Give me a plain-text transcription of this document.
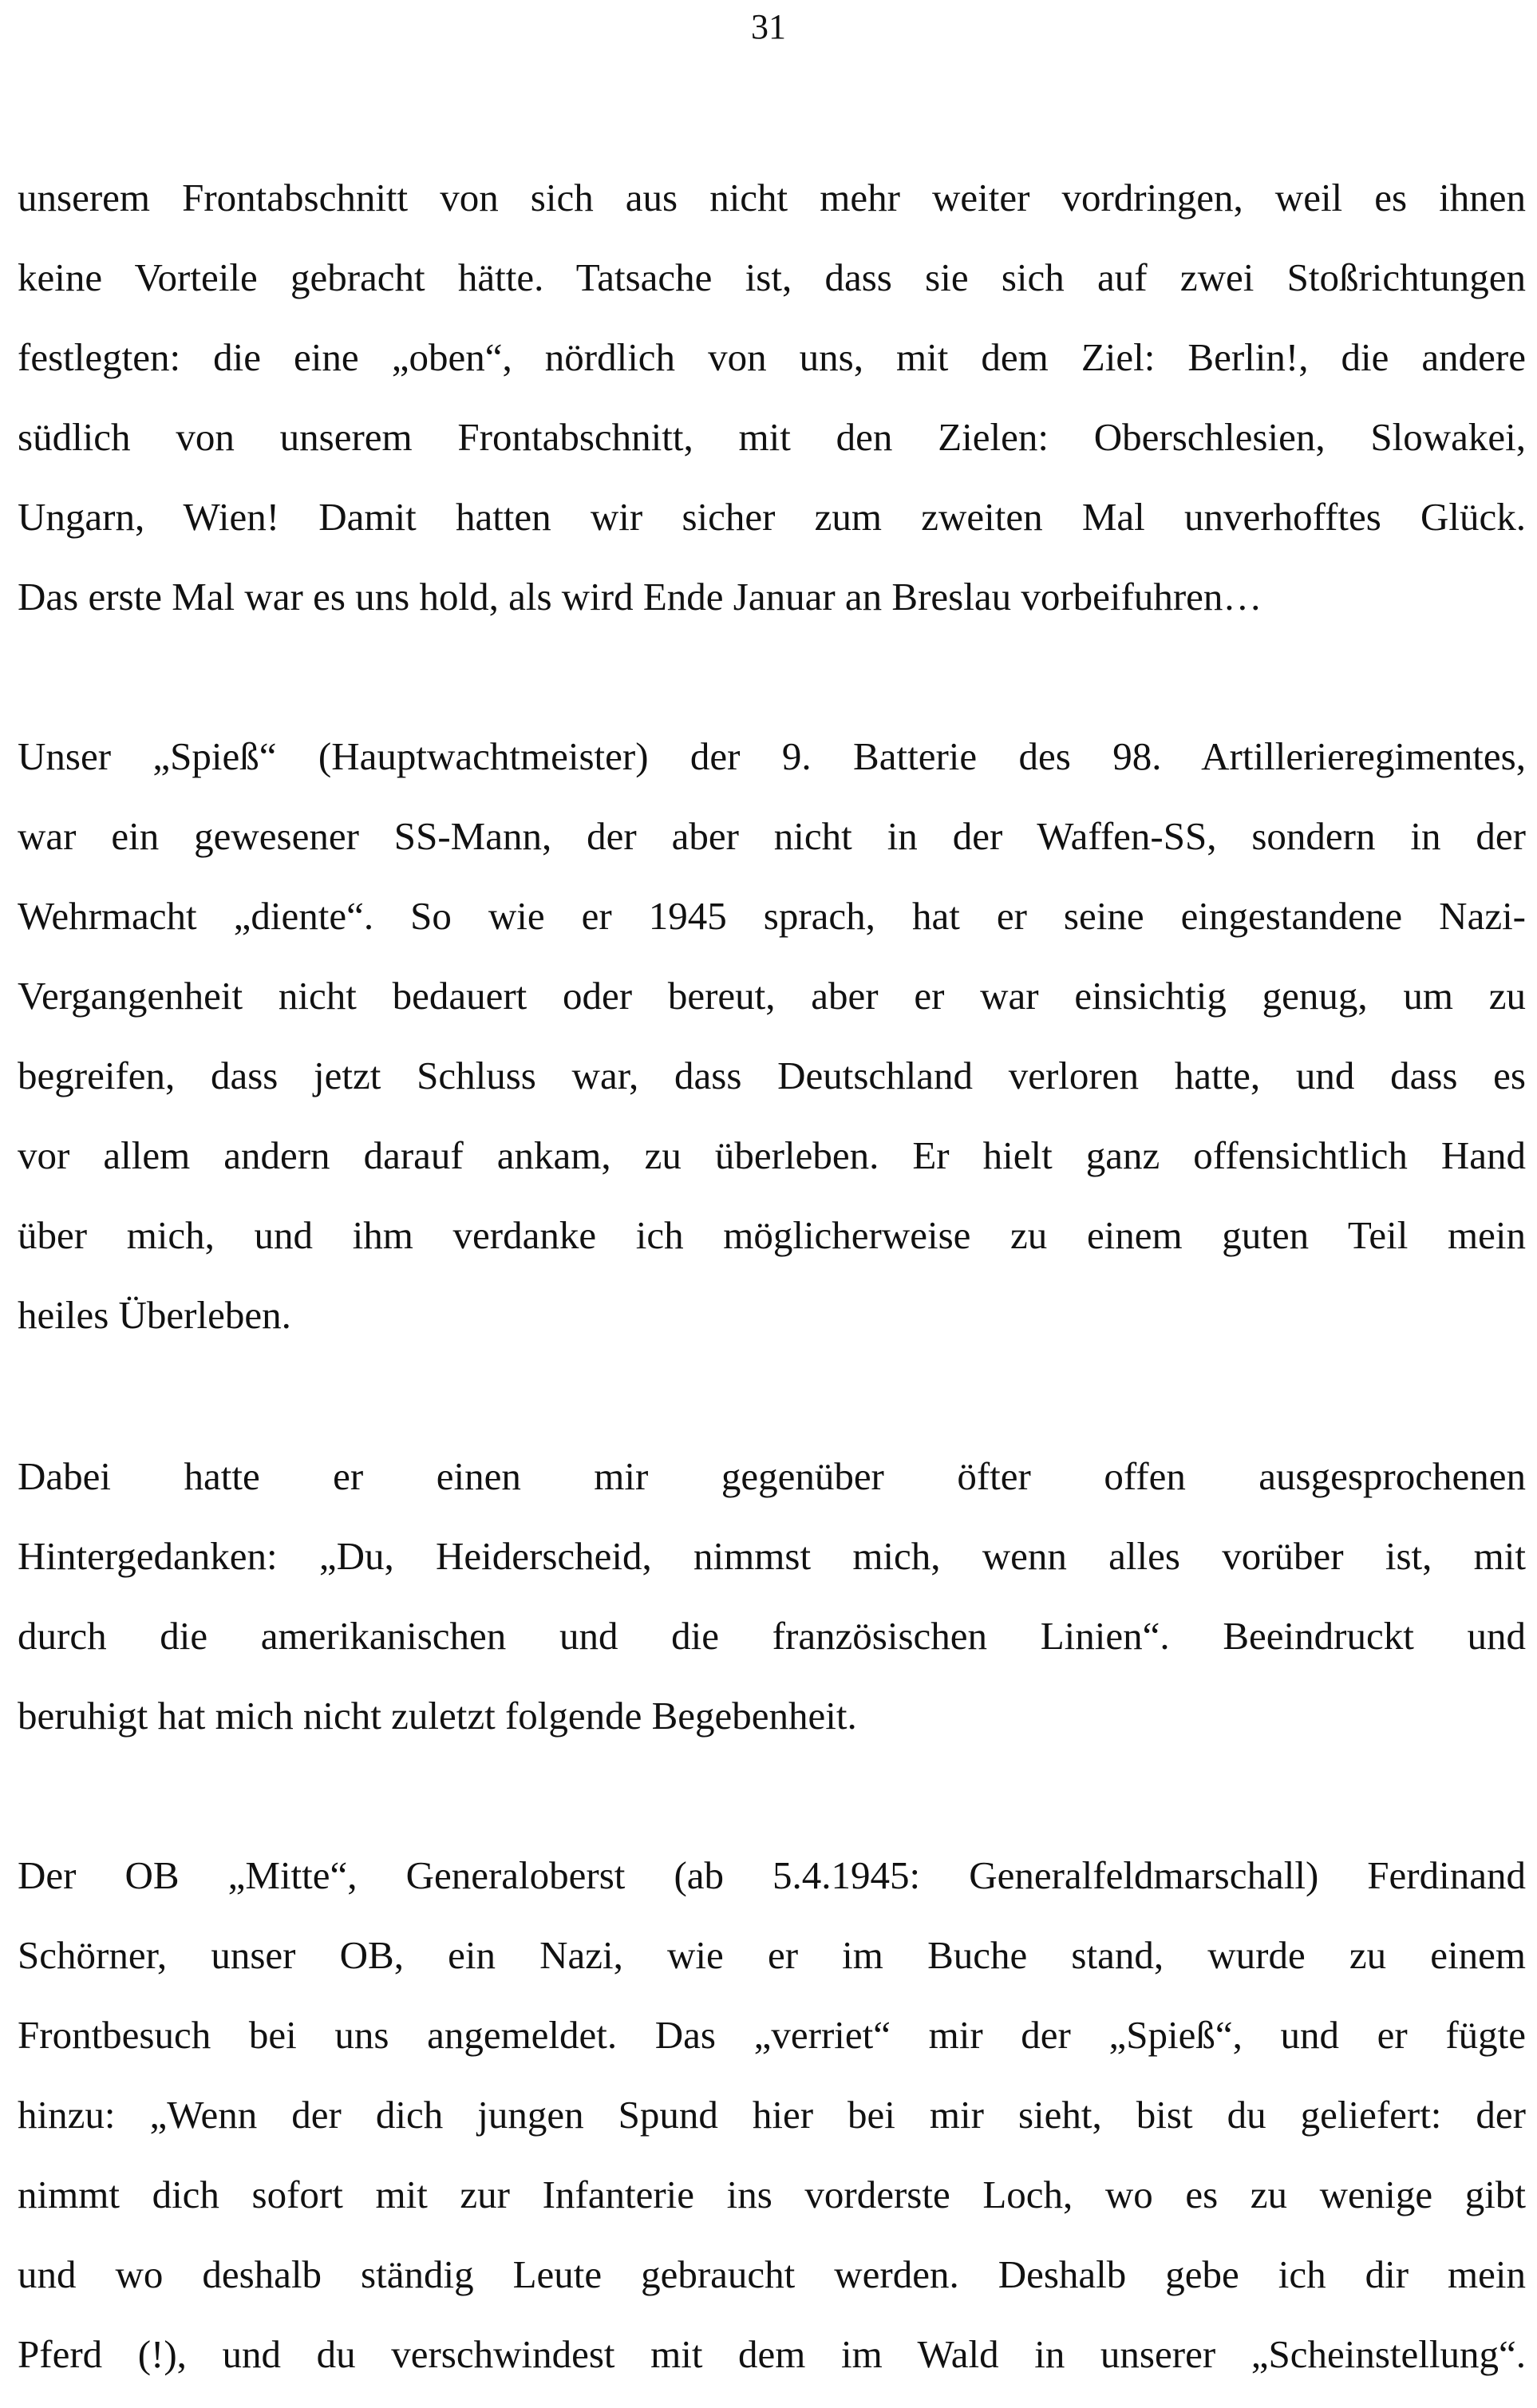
31
unserem Frontabschnitt von sich aus nicht mehr weiter vordringen, weil es ihnen
keine Vorteile gebracht hätte. Tatsache ist, dass sie sich auf zwei Stoßrichtungen
festlegten: die eine „oben“, nördlich von uns, mit dem Ziel: Berlin!, die andere
südlich von unserem Frontabschnitt, mit den Zielen: Oberschlesien, Slowakei,
Ungarn, Wien! Damit hatten wir sicher zum zweiten Mal unverhofftes Glück.
Das erste Mal war es uns hold, als wird Ende Januar an Breslau vorbeifuhren…
Unser „Spieß“ (Hauptwachtmeister) der 9. Batterie des 98. Artillerieregimentes,
war ein gewesener SS-Mann, der aber nicht in der Waffen-SS, sondern in der
Wehrmacht „diente“. So wie er 1945 sprach, hat er seine eingestandene Nazi-
Vergangenheit nicht bedauert oder bereut, aber er war einsichtig genug, um zu
begreifen, dass jetzt Schluss war, dass Deutschland verloren hatte, und dass es
vor allem andern darauf ankam, zu überleben. Er hielt ganz offensichtlich Hand
über mich, und ihm verdanke ich möglicherweise zu einem guten Teil mein
heiles Überleben.
Dabei hatte er einen mir gegenüber öfter offen ausgesprochenen
Hintergedanken: „Du, Heiderscheid, nimmst mich, wenn alles vorüber ist, mit
durch die amerikanischen und die französischen Linien“. Beeindruckt und
beruhigt hat mich nicht zuletzt folgende Begebenheit.
Der OB „Mitte“, Generaloberst (ab 5.4.1945: Generalfeldmarschall) Ferdinand
Schörner, unser OB, ein Nazi, wie er im Buche stand, wurde zu einem
Frontbesuch bei uns angemeldet. Das „verriet“ mir der „Spieß“, und er fügte
hinzu: „Wenn der dich jungen Spund hier bei mir sieht, bist du geliefert: der
nimmt dich sofort mit zur Infanterie ins vorderste Loch, wo es zu wenige gibt
und wo deshalb ständig Leute gebraucht werden. Deshalb gebe ich dir mein
Pferd (!), und du verschwindest mit dem im Wald in unserer „Scheinstellung“.
